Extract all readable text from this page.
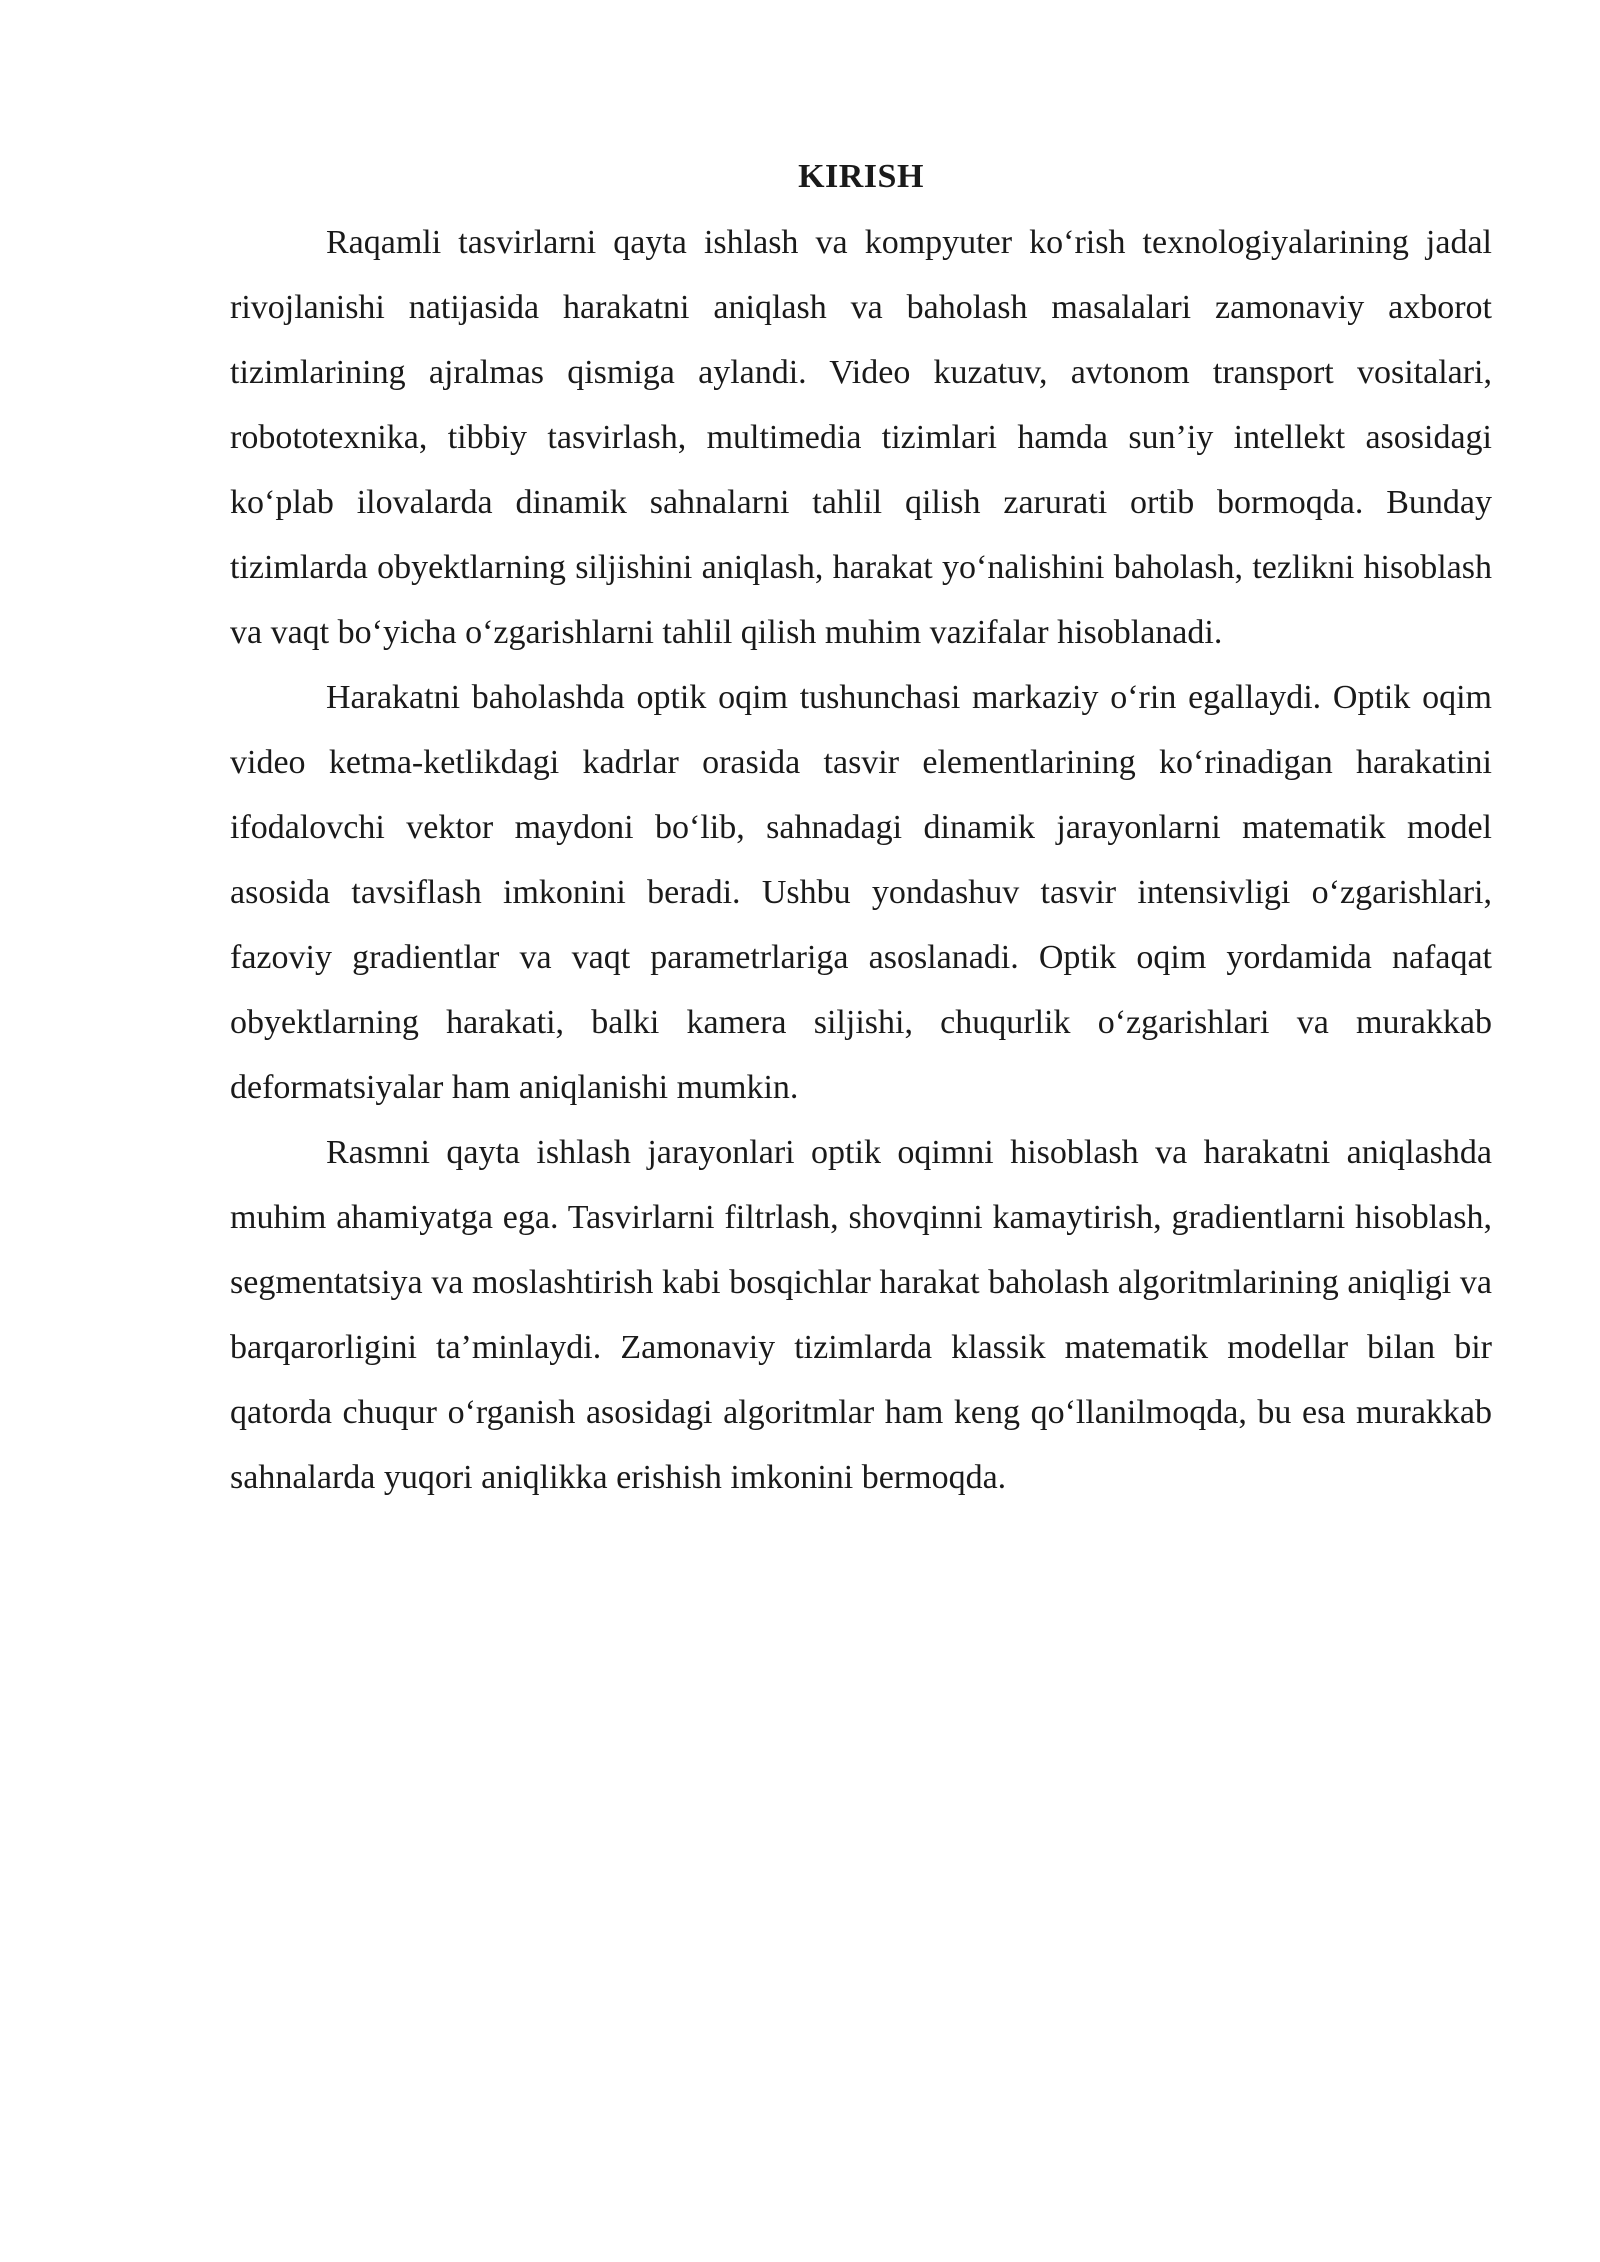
KIRISH

Raqamli tasvirlarni qayta ishlash va kompyuter ko‘rish texnologiyalarining jadal rivojlanishi natijasida harakatni aniqlash va baholash masalalari zamonaviy axborot tizimlarining ajralmas qismiga aylandi. Video kuzatuv, avtonom transport vositalari, robototexnika, tibbiy tasvirlash, multimedia tizimlari hamda sun’iy intellekt asosidagi ko‘plab ilovalarda dinamik sahnalarni tahlil qilish zarurati ortib bormoqda. Bunday tizimlarda obyektlarning siljishini aniqlash, harakat yo‘nalishini baholash, tezlikni hisoblash va vaqt bo‘yicha o‘zgarishlarni tahlil qilish muhim vazifalar hisoblanadi.

Harakatni baholashda optik oqim tushunchasi markaziy o‘rin egallaydi. Optik oqim video ketma-ketlikdagi kadrlar orasida tasvir elementlarining ko‘rinadigan harakatini ifodalovchi vektor maydoni bo‘lib, sahnadagi dinamik jarayonlarni matematik model asosida tavsiflash imkonini beradi. Ushbu yondashuv tasvir intensivligi o‘zgarishlari, fazoviy gradientlar va vaqt parametrlariga asoslanadi. Optik oqim yordamida nafaqat obyektlarning harakati, balki kamera siljishi, chuqurlik o‘zgarishlari va murakkab deformatsiyalar ham aniqlanishi mumkin.

Rasmni qayta ishlash jarayonlari optik oqimni hisoblash va harakatni aniqlashda muhim ahamiyatga ega. Tasvirlarni filtrlash, shovqinni kamaytirish, gradientlarni hisoblash, segmentatsiya va moslashtirish kabi bosqichlar harakat baholash algoritmlarining aniqligi va barqarorligini ta’minlaydi. Zamonaviy tizimlarda klassik matematik modellar bilan bir qatorda chuqur o‘rganish asosidagi algoritmlar ham keng qo‘llanilmoqda, bu esa murakkab sahnalarda yuqori aniqlikka erishish imkonini bermoqda.
